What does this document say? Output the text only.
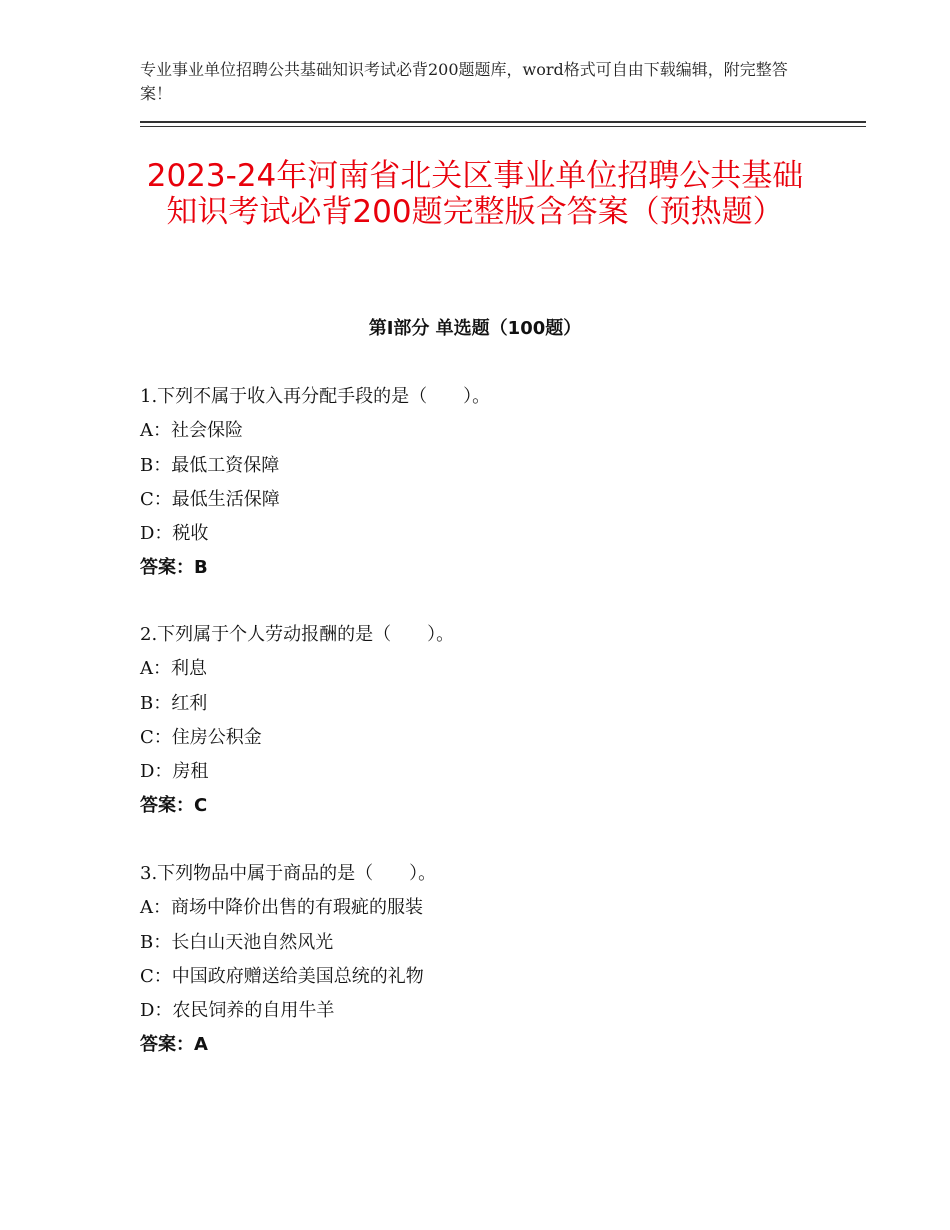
专业事业单位招聘公共基础知识考试必背200题题库，word格式可自由下载编辑，附完整答案！
2023-24年河南省北关区事业单位招聘公共基础知识考试必背200题完整版含答案（预热题）
第Ⅰ部分 单选题（100题）
1.下列不属于收入再分配手段的是（　　）。
A：社会保险
B：最低工资保障
C：最低生活保障
D：税收
答案：B
2.下列属于个人劳动报酬的是（　　）。
A：利息
B：红利
C：住房公积金
D：房租
答案：C
3.下列物品中属于商品的是（　　）。
A：商场中降价出售的有瑕疵的服装
B：长白山天池自然风光
C：中国政府赠送给美国总统的礼物
D：农民饲养的自用牛羊
答案：A
